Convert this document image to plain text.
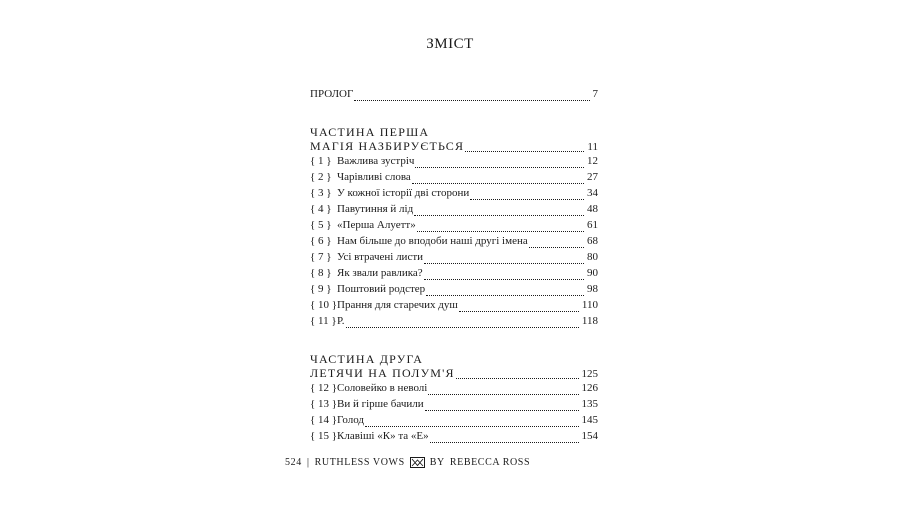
ЗМІСТ
ПРОЛОГ	7
ЧАСТИНА ПЕРША
МАГІЯ НАЗБИРУЄТЬСЯ	11
{ 1 } Важлива зустріч	12
{ 2 } Чарівливі слова	27
{ 3 } У кожної історії дві сторони	34
{ 4 } Павутиння й лід	48
{ 5 } «Перша Алуетт»	61
{ 6 } Нам більше до вподоби наші другі імена	68
{ 7 } Усі втрачені листи	80
{ 8 } Як звали равлика?	90
{ 9 } Поштовий родстер	98
{ 10 } Прання для старечих душ	110
{ 11 } Р.	118
ЧАСТИНА ДРУГА
ЛЕТЯЧИ НА ПОЛУМ'Я	125
{ 12 } Соловейко в неволі	126
{ 13 } Ви й гірше бачили	135
{ 14 } Голод	145
{ 15 } Клавіші «К» та «Е»	154
524 | RUTHLESS VOWS	BY REBECCA ROSS
